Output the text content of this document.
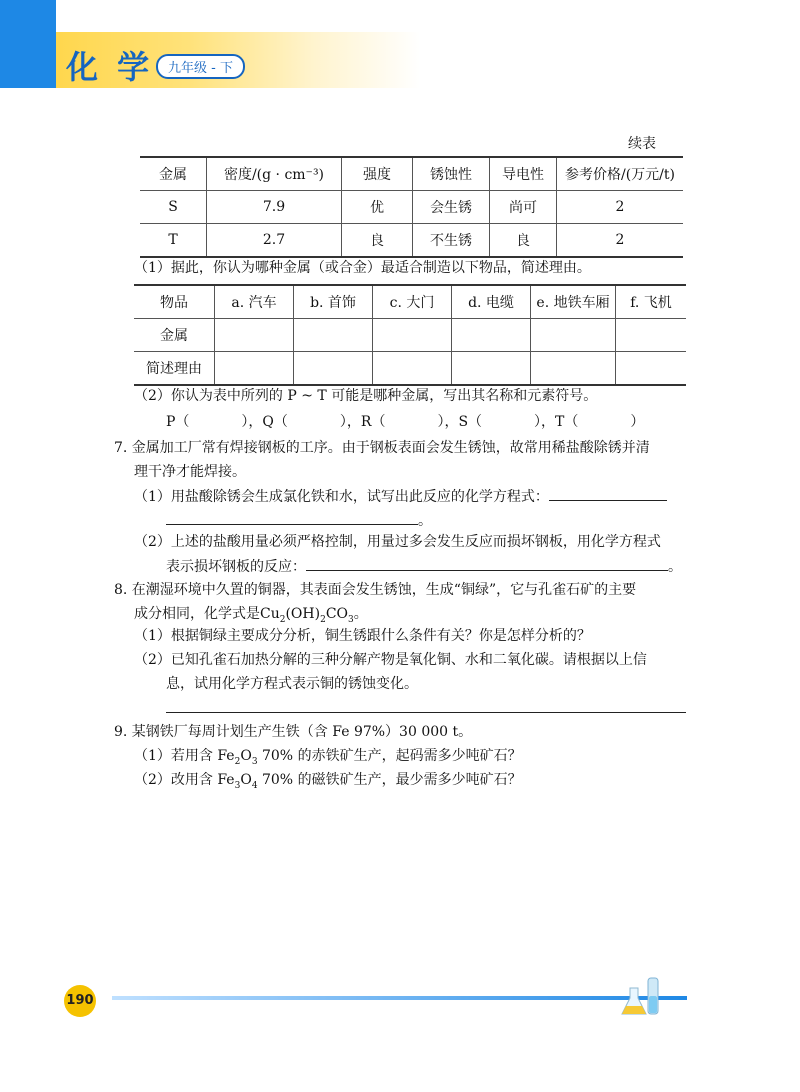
化 学	九年级 - 下
续表
金属	密度/(g · cm⁻³)	强度	锈蚀性	导电性	参考价格/(万元/t)
S	7.9	优	会生锈	尚可	2
T	2.7	良	不生锈	良	2
（1）据此，你认为哪种金属（或合金）最适合制造以下物品，简述理由。
物品	a. 汽车	b. 首饰	c. 大门	d. 电缆	e. 地铁车厢	f. 飞机
金属						
简述理由						
（2）你认为表中所列的 P ~ T 可能是哪种金属，写出其名称和元素符号。
P（	），Q（	），R（	），S（	），T（	）
7. 金属加工厂常有焊接钢板的工序。由于钢板表面会发生锈蚀，故常用稀盐酸除锈并清
理干净才能焊接。
（1）用盐酸除锈会生成氯化铁和水，试写出此反应的化学方程式：
。
（2）上述的盐酸用量必须严格控制，用量过多会发生反应而损坏钢板，用化学方程式
表示损坏钢板的反应：	。
8. 在潮湿环境中久置的铜器，其表面会发生锈蚀，生成“铜绿”，它与孔雀石矿的主要
成分相同，化学式是$Cu_2(OH)_2CO_3$。
（1）根据铜绿主要成分分析，铜生锈跟什么条件有关？你是怎样分析的？
（2）已知孔雀石加热分解的三种分解产物是氧化铜、水和二氧化碳。请根据以上信
息，试用化学方程式表示铜的锈蚀变化。
9. 某钢铁厂每周计划生产生铁（含 Fe 97%）30 000 t。
（1）若用含 $Fe_2O_3$ 70% 的赤铁矿生产，起码需多少吨矿石？
（2）改用含 $Fe_3O_4$ 70% 的磁铁矿生产，最少需多少吨矿石？
190
